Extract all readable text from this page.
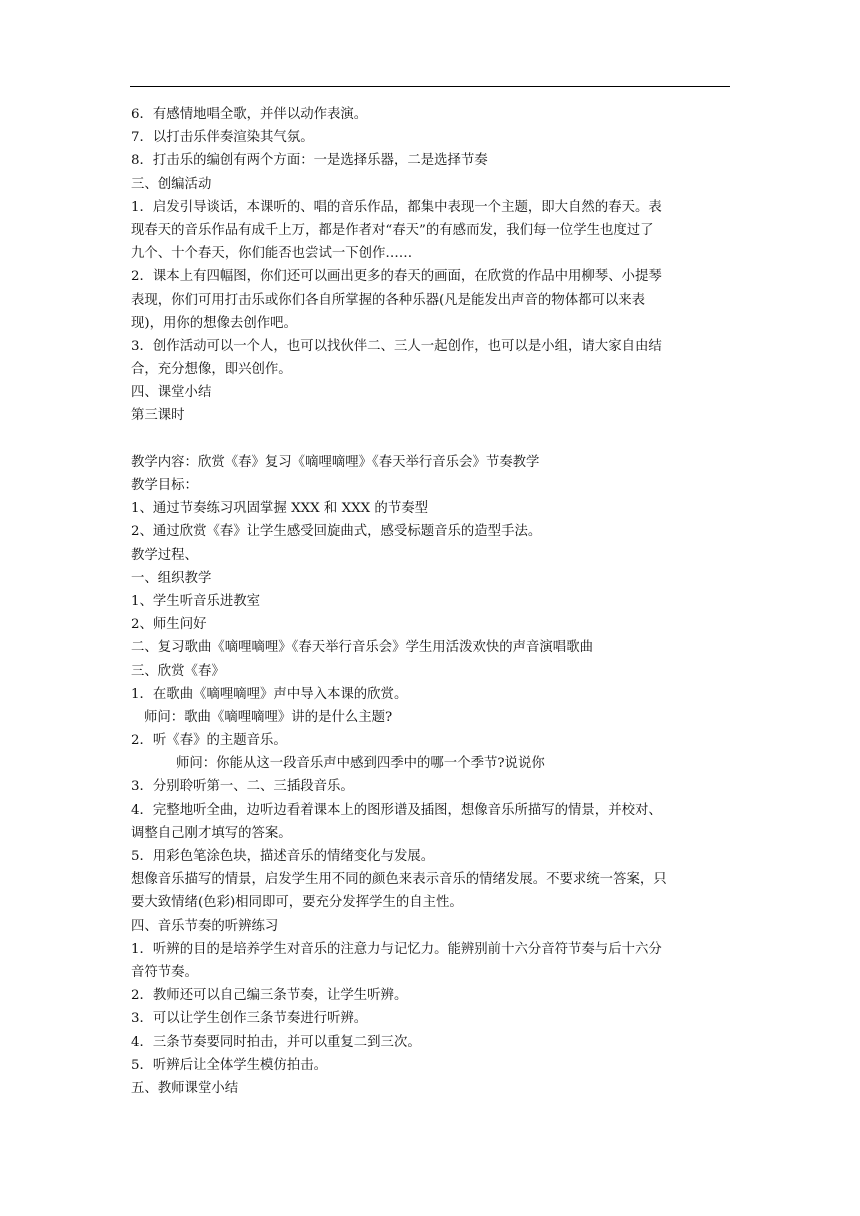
6．有感情地唱全歌，并伴以动作表演。
7．以打击乐伴奏渲染其气氛。
8．打击乐的编创有两个方面：一是选择乐器，二是选择节奏
三、创编活动
1．启发引导谈话，本课听的、唱的音乐作品，都集中表现一个主题，即大自然的春天。表
现春天的音乐作品有成千上万，都是作者对“春天”的有感而发，我们每一位学生也度过了
九个、十个春天，你们能否也尝试一下创作……
2．课本上有四幅图，你们还可以画出更多的春天的画面，在欣赏的作品中用柳琴、小提琴
表现，你们可用打击乐或你们各自所掌握的各种乐器(凡是能发出声音的物体都可以来表
现)，用你的想像去创作吧。
3．创作活动可以一个人，也可以找伙伴二、三人一起创作，也可以是小组，请大家自由结
合，充分想像，即兴创作。
四、课堂小结
第三课时
教学内容：欣赏《春》复习《嘀哩嘀哩》《春天举行音乐会》节奏教学
教学目标：
1、通过节奏练习巩固掌握 XXX 和 XXX 的节奏型
2、通过欣赏《春》让学生感受回旋曲式，感受标题音乐的造型手法。
教学过程、
一、组织教学
1、学生听音乐进教室
2、师生问好
二、复习歌曲《嘀哩嘀哩》《春天举行音乐会》学生用活泼欢快的声音演唱歌曲
三、欣赏《春》
1．在歌曲《嘀哩嘀哩》声中导入本课的欣赏。
师问：歌曲《嘀哩嘀哩》讲的是什么主题?
2．听《春》的主题音乐。
师问：你能从这一段音乐声中感到四季中的哪一个季节?说说你
3．分别聆听第一、二、三插段音乐。
4．完整地听全曲，边听边看着课本上的图形谱及插图，想像音乐所描写的情景，并校对、
调整自己刚才填写的答案。
5．用彩色笔涂色块，描述音乐的情绪变化与发展。
想像音乐描写的情景，启发学生用不同的颜色来表示音乐的情绪发展。不要求统一答案，只
要大致情绪(色彩)相同即可，要充分发挥学生的自主性。
四、音乐节奏的听辨练习
1．听辨的目的是培养学生对音乐的注意力与记忆力。能辨别前十六分音符节奏与后十六分
音符节奏。
2．教师还可以自己编三条节奏，让学生听辨。
3．可以让学生创作三条节奏进行听辨。
4．三条节奏要同时拍击，并可以重复二到三次。
5．听辨后让全体学生模仿拍击。
五、教师课堂小结
